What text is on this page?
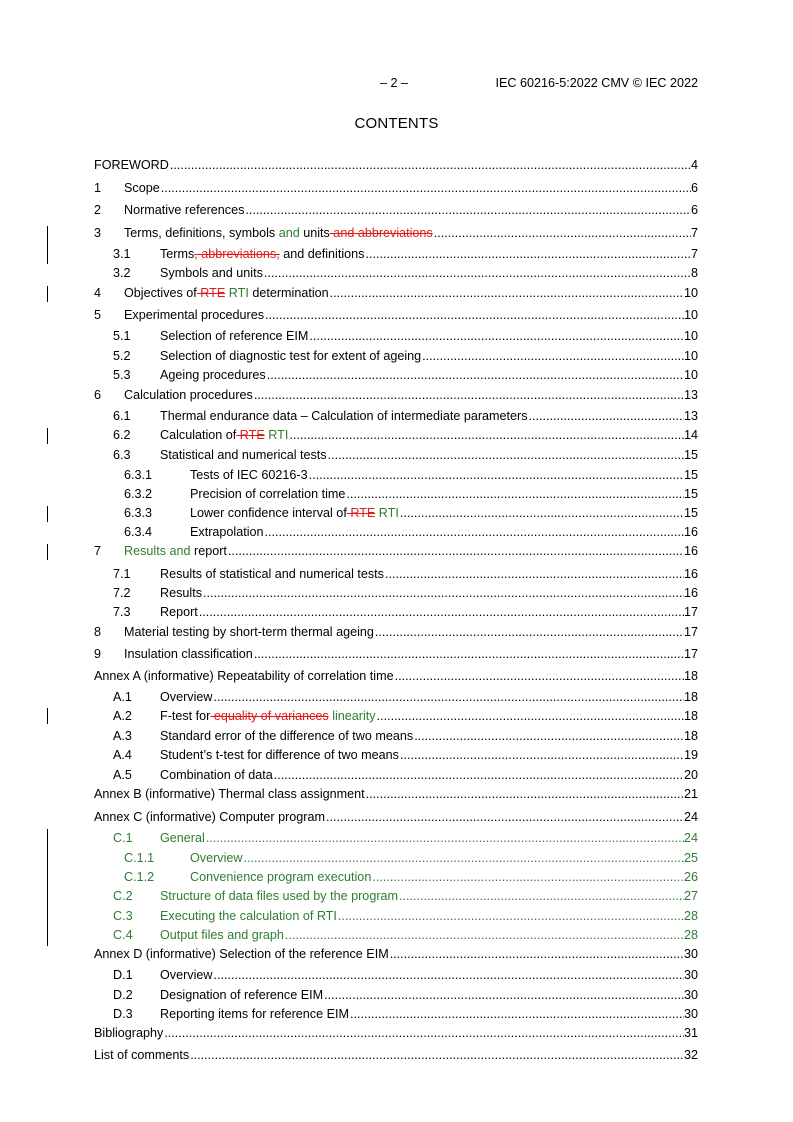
– 2 –	IEC 60216-5:2022 CMV © IEC 2022
CONTENTS
FOREWORD .....	4
1 Scope .....	6
2 Normative references .....	6
3 Terms, definitions, symbols and units and abbreviations .....	7
3.1 Terms, abbreviations, and definitions .....	7
3.2 Symbols and units .....	8
4 Objectives of RTE RTI determination .....	10
5 Experimental procedures .....	10
5.1 Selection of reference EIM .....	10
5.2 Selection of diagnostic test for extent of ageing .....	10
5.3 Ageing procedures .....	10
6 Calculation procedures .....	13
6.1 Thermal endurance data – Calculation of intermediate parameters .....	13
6.2 Calculation of RTE RTI .....	14
6.3 Statistical and numerical tests .....	15
6.3.1	Tests of IEC 60216-3 .....	15
6.3.2	Precision of correlation time .....	15
6.3.3	Lower confidence interval of RTE RTI .....	15
6.3.4	Extrapolation .....	16
7 Results and report .....	16
7.1 Results of statistical and numerical tests .....	16
7.2 Results .....	16
7.3 Report .....	17
8 Material testing by short-term thermal ageing .....	17
9 Insulation classification .....	17
Annex A (informative) Repeatability of correlation time .....	18
A.1 Overview .....	18
A.2 F-test for equality of variances linearity .....	18
A.3 Standard error of the difference of two means .....	18
A.4 Student’s t-test for difference of two means .....	19
A.5 Combination of data .....	20
Annex B (informative) Thermal class assignment .....	21
Annex C (informative) Computer program .....	24
C.1 General .....	24
C.1.1	Overview .....	25
C.1.2	Convenience program execution .....	26
C.2 Structure of data files used by the program .....	27
C.3 Executing the calculation of RTI .....	28
C.4 Output files and graph .....	28
Annex D (informative) Selection of the reference EIM .....	30
D.1 Overview .....	30
D.2 Designation of reference EIM .....	30
D.3 Reporting items for reference EIM .....	30
Bibliography .....	31
List of comments .....	32
